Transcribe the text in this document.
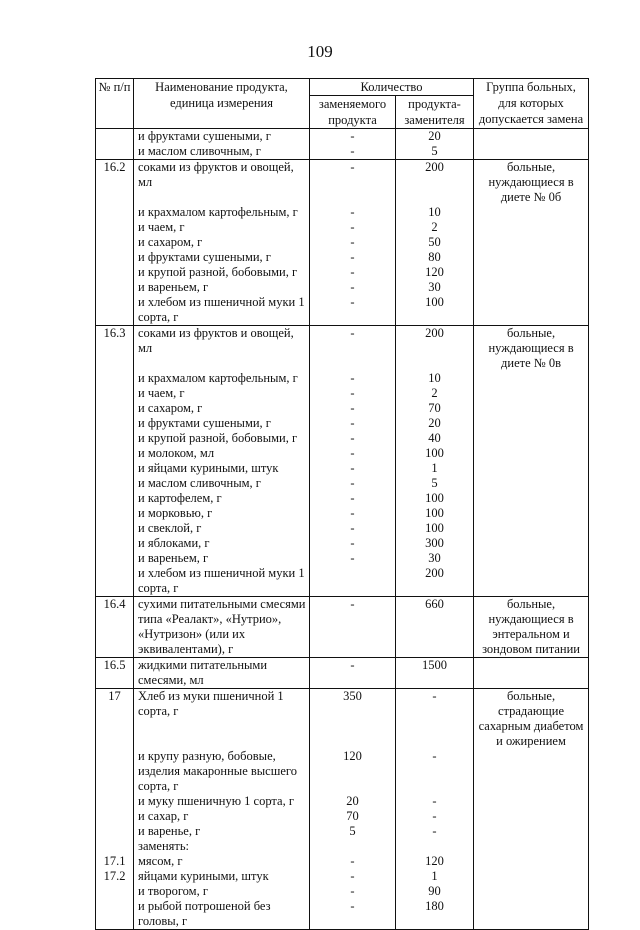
109
№ п/п	Наименование продукта, единица измерения	Количество		Группа больных, для которых допускается замена
		заменяемого продукта	продукта-заменителя	
	и фруктами сушеными, г	-	20	
	и маслом сливочным, г	-	5	
16.2	соками из фруктов и овощей, мл	-	200	больные, нуждающиеся в диете № 0б
	и крахмалом картофельным, г	-	10	
	и чаем, г	-	2	
	и сахаром, г	-	50	
	и фруктами сушеными, г	-	80	
	и крупой разной, бобовыми, г	-	120	
	и вареньем, г	-	30	
	и хлебом из пшеничной муки 1 сорта, г	-	100	
16.3	соками из фруктов и овощей, мл	-	200	больные, нуждающиеся в диете № 0в
	и крахмалом картофельным, г	-	10	
	и чаем, г	-	2	
	и сахаром, г	-	70	
	и фруктами сушеными, г	-	20	
	и крупой разной, бобовыми, г	-	40	
	и молоком, мл	-	100	
	и яйцами куриными, штук	-	1	
	и маслом сливочным, г	-	5	
	и картофелем, г	-	100	
	и морковью, г	-	100	
	и свеклой, г	-	100	
	и яблоками, г	-	300	
	и вареньем, г	-	30	
	и хлебом из пшеничной муки 1 сорта, г		200	
16.4	сухими питательными смесями типа «Реалакт», «Нутрио», «Нутризон» (или их эквивалентами), г	-	660	больные, нуждающиеся в энтеральном и зондовом питании
16.5	жидкими питательными смесями, мл	-	1500	
17	Хлеб из муки пшеничной 1 сорта, г	350	-	больные, страдающие сахарным диабетом и ожирением
	и крупу разную, бобовые, изделия макаронные высшего сорта, г	120	-	
	и муку пшеничную 1 сорта, г	20	-	
	и сахар, г	70	-	
	и варенье, г	5	-	
	заменять:			
17.1	мясом, г	-	120	
17.2	яйцами куриными, штук	-	1	
	и творогом, г	-	90	
	и рыбой потрошеной без головы, г	-	180	
